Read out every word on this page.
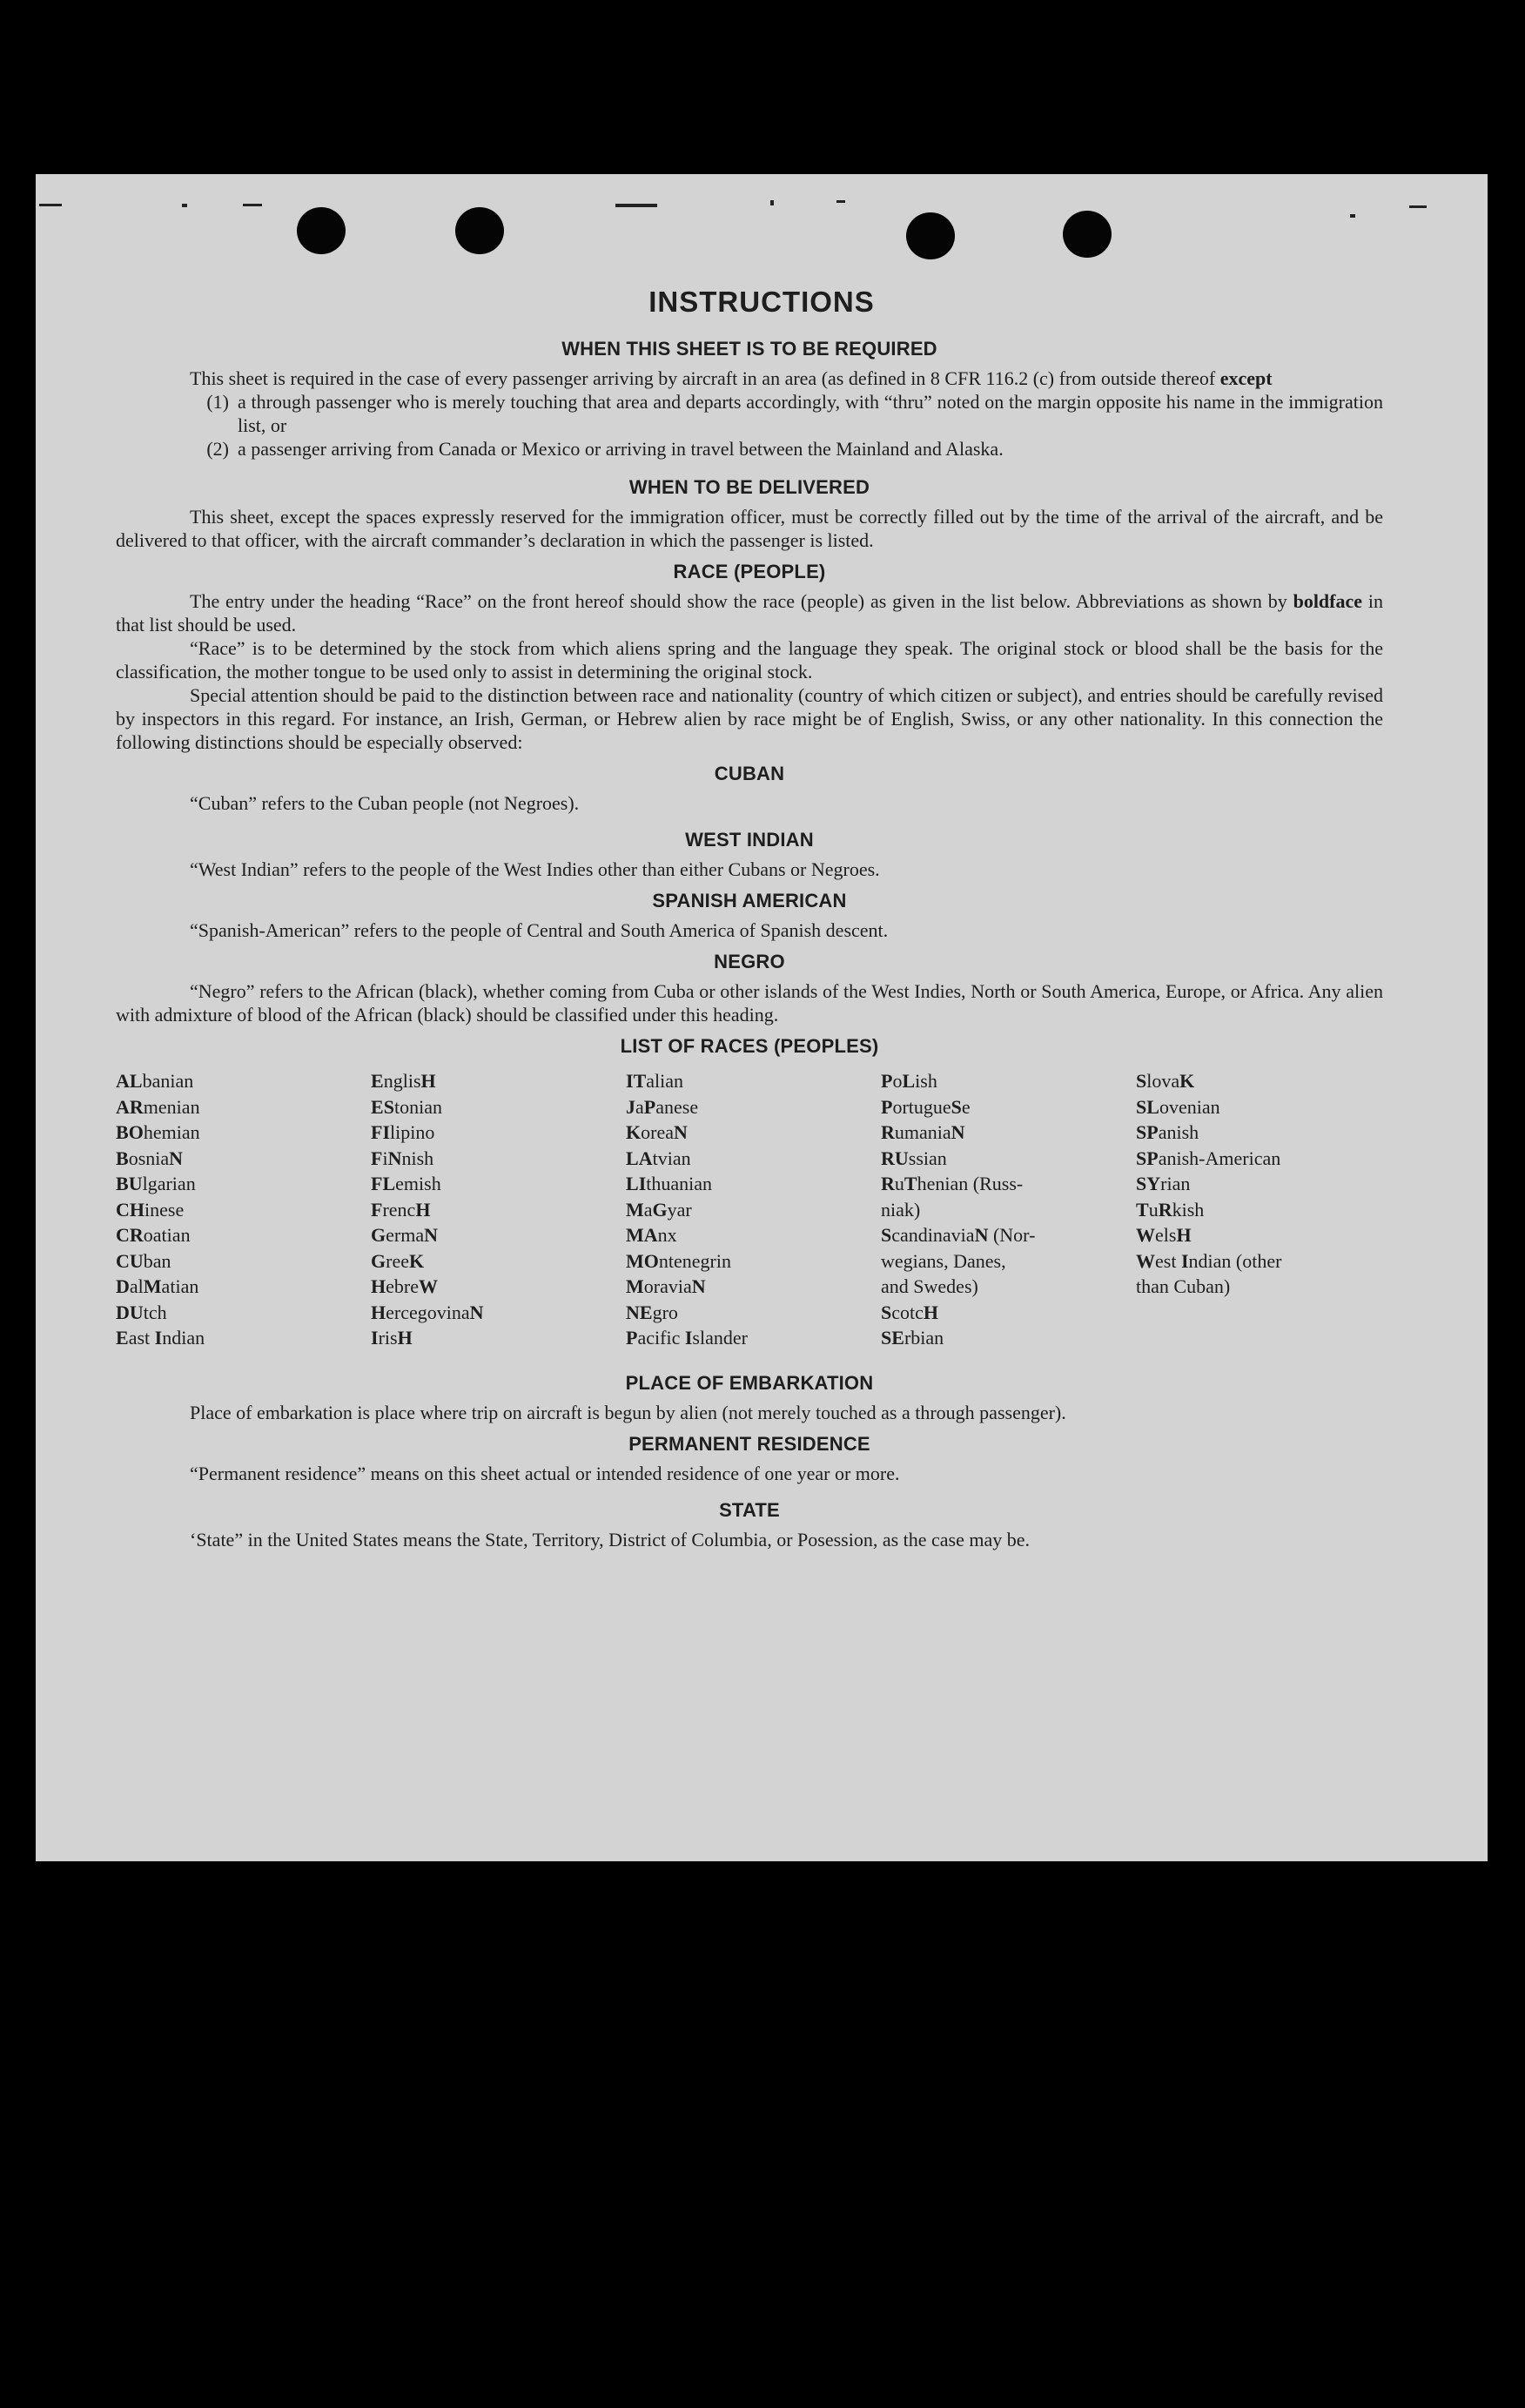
INSTRUCTIONS
WHEN THIS SHEET IS TO BE REQUIRED

This sheet is required in the case of every passenger arriving by aircraft in an area (as defined in 8 CFR 116.2 (c) from outside thereof except

(1) a through passenger who is merely touching that area and departs accordingly, with “thru” noted on the margin opposite his name in the immigration list, or
(2) a passenger arriving from Canada or Mexico or arriving in travel between the Mainland and Alaska.
WHEN TO BE DELIVERED

This sheet, except the spaces expressly reserved for the immigration officer, must be correctly filled out by the time of the arrival of the aircraft, and be delivered to that officer, with the aircraft commander’s declaration in which the passenger is listed.

RACE (PEOPLE)

The entry under the heading “Race” on the front hereof should show the race (people) as given in the list below. Abbreviations as shown by boldface in that list should be used.

“Race” is to be determined by the stock from which aliens spring and the language they speak. The original stock or blood shall be the basis for the classification, the mother tongue to be used only to assist in determining the original stock.

Special attention should be paid to the distinction between race and nationality (country of which citizen or subject), and entries should be carefully revised by inspectors in this regard. For instance, an Irish, German, or Hebrew alien by race might be of English, Swiss, or any other nationality. In this connection the following distinctions should be especially observed:

CUBAN

“Cuban” refers to the Cuban people (not Negroes).

WEST INDIAN

“West Indian” refers to the people of the West Indies other than either Cubans or Negroes.

SPANISH AMERICAN

“Spanish-American” refers to the people of Central and South America of Spanish descent.

NEGRO

“Negro” refers to the African (black), whether coming from Cuba or other islands of the West Indies, North or South America, Europe, or Africa. Any alien with admixture of blood of the African (black) should be classified under this heading.

LIST OF RACES (PEOPLES)
ALbanian
ARmenian
BOhemian
BosniaN
BUlgarian
CHinese
CRoatian
CUban
DalMatian
DUtch
East Indian
EnglisH
EStonian
FIlipino
FiNnish
FLemish
FrencH
GermaN
GreeK
HebreW
HercegovinaN
IrisH
ITalian
JaPanese
KoreaN
LAtvian
LIthuanian
MaGyar
MAnx
MOntenegrin
MoraviaN
NEgro
Pacific Islander
PoLish
PortugueSe
RumaniaN
RUssian
RuThenian (Russ-
niak)
ScandinaviaN (Nor-
wegians, Danes,
and Swedes)
ScotcH
SErbian
SlovaK
SLovenian
SPanish
SPanish-American
SYrian
TuRkish
WelsH
West Indian (other
than Cuban)
PLACE OF EMBARKATION

Place of embarkation is place where trip on aircraft is begun by alien (not merely touched as a through passenger).

PERMANENT RESIDENCE

“Permanent residence” means on this sheet actual or intended residence of one year or more.

STATE

‘State” in the United States means the State, Territory, District of Columbia, or Posession, as the case may be.
